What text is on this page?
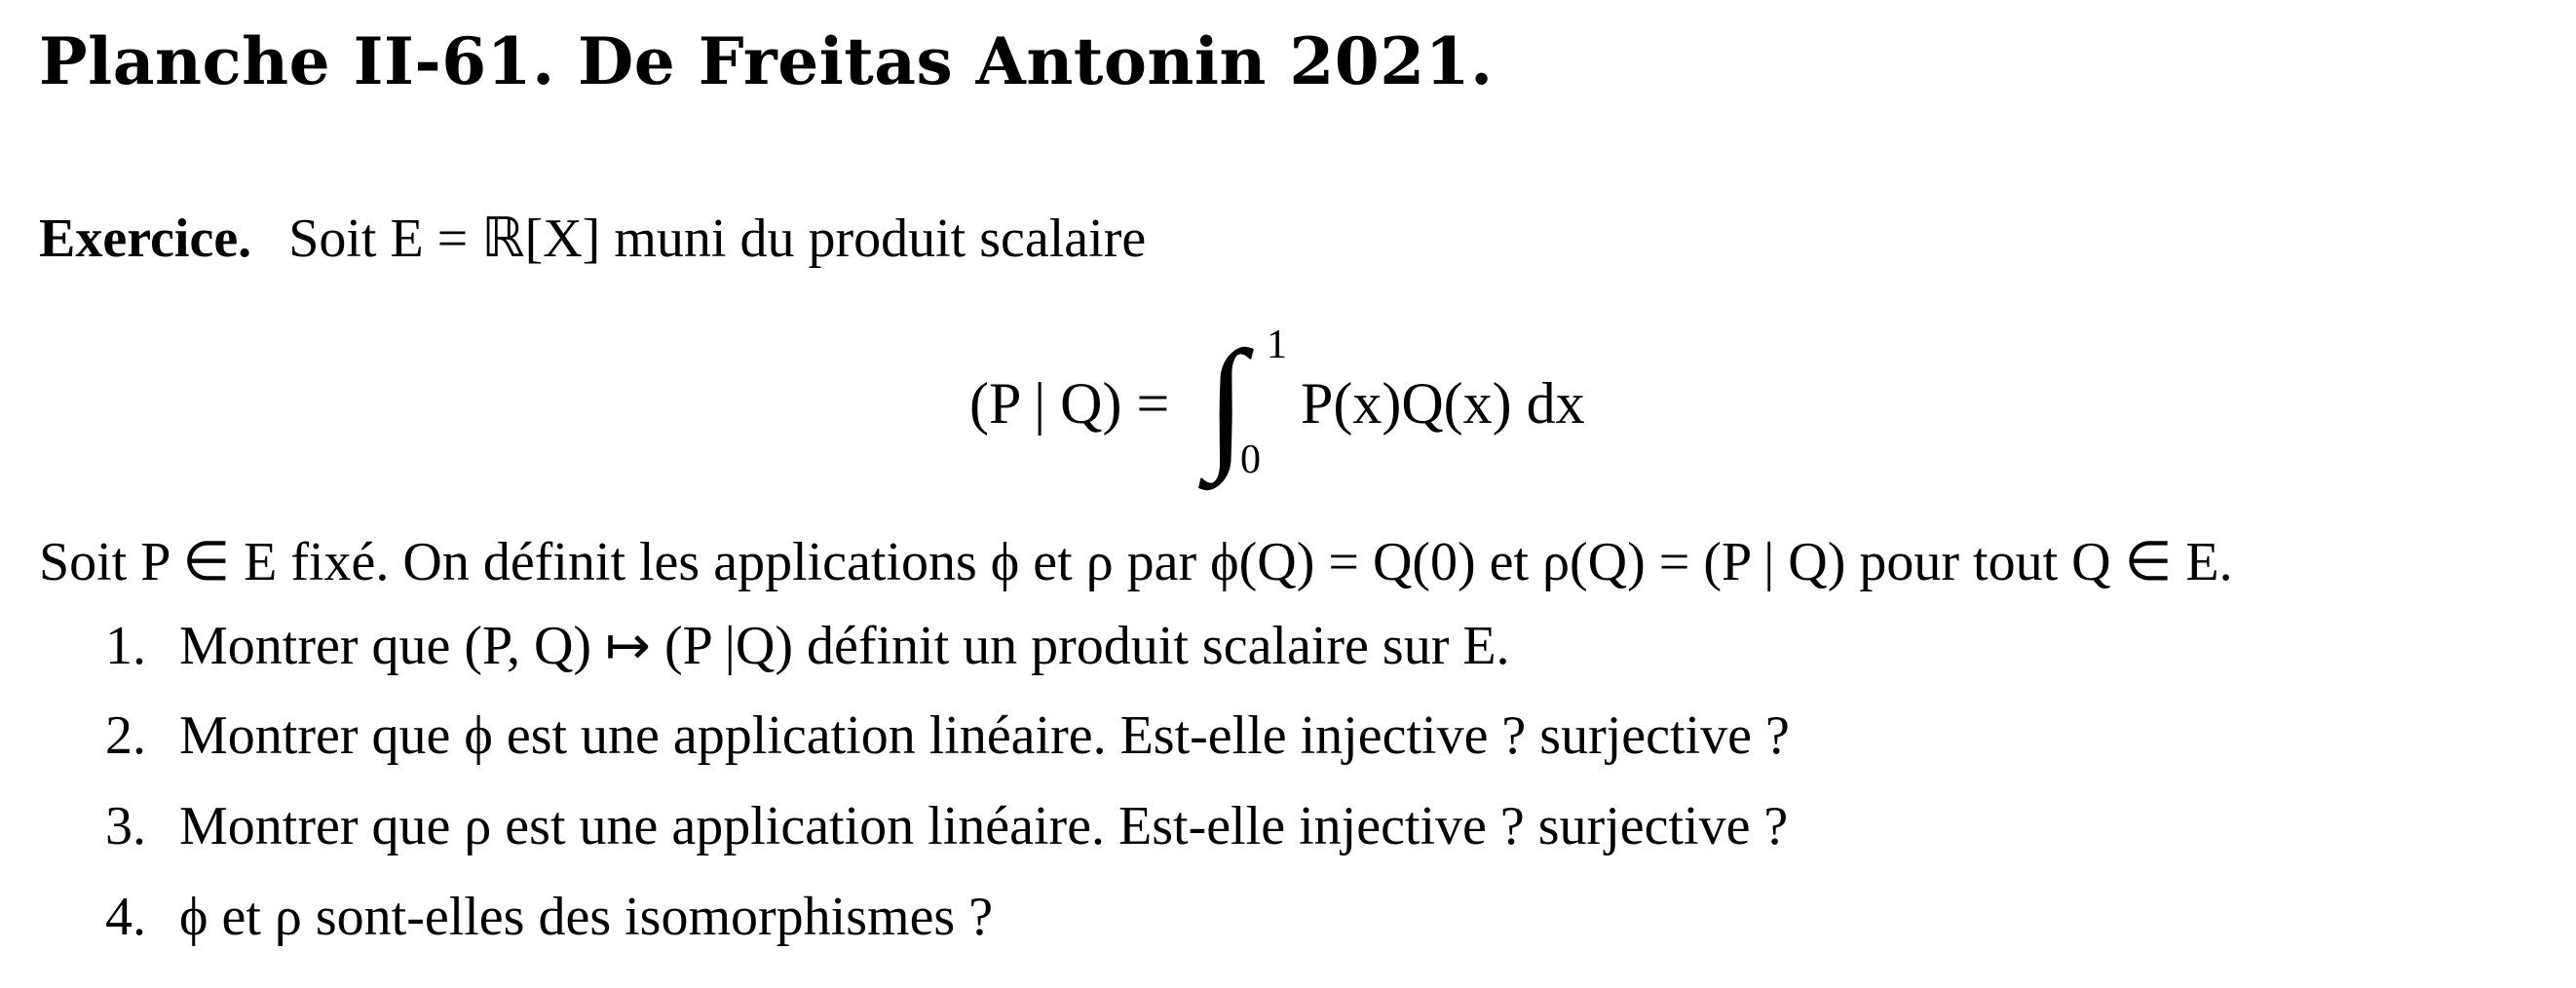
Planche II-61. De Freitas Antonin 2021.
Exercice. Soit E = ℝ[X] muni du produit scalaire
(P | Q) = ∫ 1
0
P(x)Q(x) dx
Soit P ∈ E fixé. On définit les applications ϕ et ρ par ϕ(Q) = Q(0) et ρ(Q) = (P | Q) pour tout Q ∈ E.
1. Montrer que (P, Q) ↦ (P |Q) définit un produit scalaire sur E.
2. Montrer que ϕ est une application linéaire. Est-elle injective ? surjective ?
3. Montrer que ρ est une application linéaire. Est-elle injective ? surjective ?
4. ϕ et ρ sont-elles des isomorphismes ?
